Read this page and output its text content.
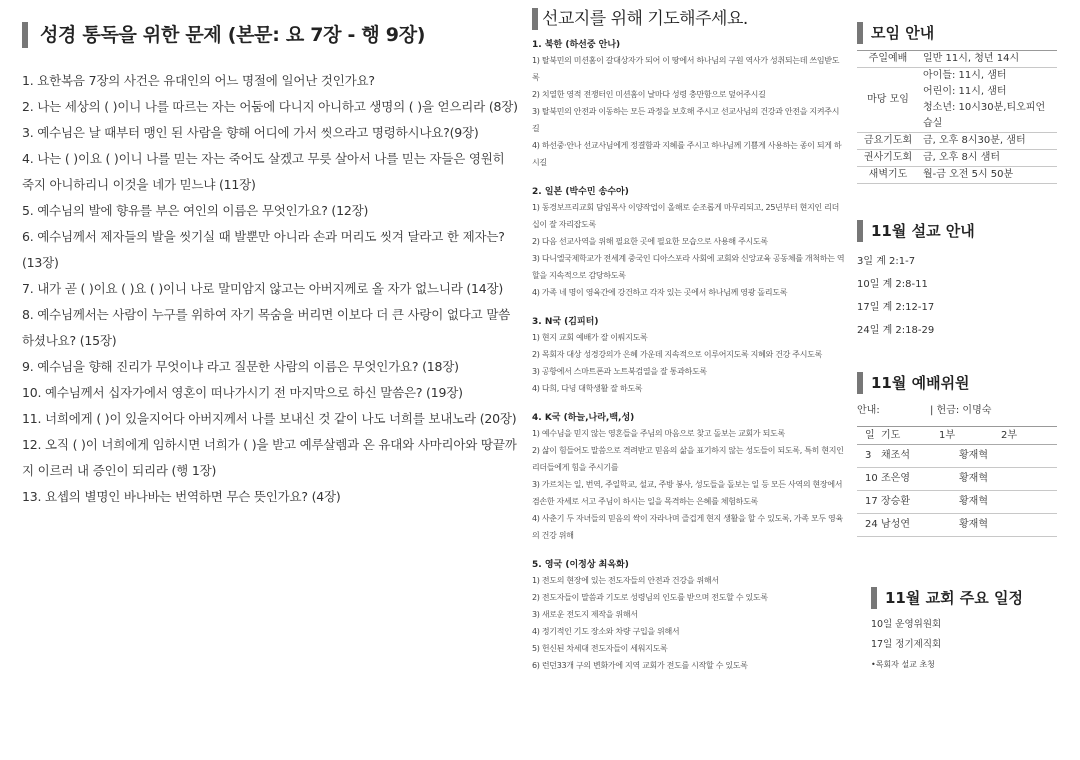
성경 통독을 위한 문제 (본문: 요 7장 - 행 9장)
1. 요한복음 7장의 사건은 유대인의 어느 명절에 일어난 것인가요?
2. 나는 세상의 ( )이니 나를 따르는 자는 어둠에 다니지 아니하고 생명의 ( )을 얻으리라 (8장)
3. 예수님은 날 때부터 맹인 된 사람을 향해 어디에 가서 씻으라고 명령하시나요?(9장)
4. 나는 ( )이요 ( )이니 나를 믿는 자는 죽어도 살겠고 무릇 살아서 나를 믿는 자들은 영원히 죽지 아니하리니 이것을 네가 믿느냐 (11장)
5. 예수님의 발에 향유를 부은 여인의 이름은 무엇인가요? (12장)
6. 예수님께서 제자들의 발을 씻기실 때 발뿐만 아니라 손과 머리도 씻겨 달라고 한 제자는? (13장)
7. 내가 곧 ( )이요 ( )요 ( )이니 나로 말미암지 않고는 아버지께로 올 자가 없느니라 (14장)
8. 예수님께서는 사람이 누구를 위하여 자기 목숨을 버리면 이보다 더 큰 사랑이 없다고 말씀하셨나요? (15장)
9. 예수님을 향해 진리가 무엇이냐 라고 질문한 사람의 이름은 무엇인가요? (18장)
10. 예수님께서 십자가에서 영혼이 떠나가시기 전 마지막으로 하신 말씀은? (19장)
11. 너희에게 ( )이 있을지어다 아버지께서 나를 보내신 것 같이 나도 너희를 보내노라 (20장)
12. 오직 ( )이 너희에게 임하시면 너희가 ( )을 받고 예루살렘과 온 유대와 사마리아와 땅끝까지 이르러 내 증인이 되리라 (행 1장)
13. 요셉의 별명인 바나바는 번역하면 무슨 뜻인가요? (4장)
선교지를 위해 기도해주세요.
1. 북한 (하선중 안나)
1) 탈북민의 미션홈이 갈대상자가 되어 이 땅에서 하나님의 구원 역사가 성취되는데 쓰임받도록
2) 치열한 영적 전쟁터인 미션홈이 날마다 성령 충만함으로 덮어주시길
3) 탈북민의 안전과 이동하는 모든 과정을 보호해 주시고 선교사님의 건강과 안전을 지켜주시길
4) 하선중·안나 선교사님에게 정결함과 지혜를 주시고 하나님께 기쁨게 사용하는 종이 되게 하시길
2. 일본 (박수민 송수아)
1) 동경보프리교회 담임목사 이양작업이 올해로 순조롭게 마무리되고, 25년부터 현지인 리더십이 잘 자리잡도록
2) 다음 선교사역을 위해 필요한 곳에 필요한 모습으로 사용해 주시도록
3) 다니엘국제학교가 전세계 중국인 디아스포라 사회에 교회와 신앙교육 공동체를 개척하는 역할을 지속적으로 감당하도록
4) 가족 네 명이 영육간에 강건하고 각자 있는 곳에서 하나님께 영광 돌리도록
3. N국 (김피터)
1) 현지 교회 예배가 잘 이뤄지도록
2) 목회자 대상 성경강의가 은혜 가운데 지속적으로 이루어지도록 지혜와 건강 주시도록
3) 공항에서 스마트폰과 노트북검열을 잘 통과하도록
4) 다희, 다녕 대학생활 잘 하도록
4. K국 (하늘,나라,백,성)
1) 예수님을 믿지 않는 영혼들을 주님의 마음으로 찾고 돌보는 교회가 되도록
2) 삶이 힘들어도 말씀으로 격려받고 믿음의 삶을 표기하지 않는 성도들이 되도록, 특히 현지인 리더들에게 힘을 주시기를
3) 가르치는 일, 번역, 주일학교, 설교, 주방 봉사, 성도들을 돌보는 일 등 모든 사역의 현장에서 겸손한 자세로 서고 주님이 하시는 일을 목격하는 은혜를 체험하도록
4) 사춘기 두 자녀들의 믿음의 싹이 자라나며 즐겁게 현지 생활을 할 수 있도록, 가족 모두 영육의 건강 위해
5. 영국 (이정상 최옥화)
1) 전도의 현장에 있는 전도자들의 안전과 건강을 위해서
2) 전도자들이 말씀과 기도로 성령님의 인도를 받으며 전도할 수 있도록
3) 새로운 전도지 제작을 위해서
4) 정기적인 기도 장소와 차량 구입을 위해서
5) 헌신된 차세대 전도자들이 세워지도록
6) 런던33개 구의 변화가에 지역 교회가 전도를 시작할 수 있도록
모임 안내
주일예배	일반 11시, 청년 14시

마당 모임	아이들: 11시, 샘터
어린이: 11시, 샘터
청소년: 10시30분,티오피언
습실

금요기도회	금, 오후 8시30분, 샘터

권사기도회	금, 오후 8시 샘터

새벽기도	월-금 오전 5시 50분
11월 설교 안내
3일 계 2:1-7
10일 계 2:8-11
17일 계 2:12-17
24일 계 2:18-29
11월 예배위원
안내:	| 헌금: 이명숙
일	기도	1부	2부
3	채조석	황재혁	
10	조은영	황재혁	
17	장승환	황재혁	
24	남성연	황재혁	
11월 교회 주요 일정
10일 운영위원회
17일 정기제직회
•목회자 설교 초청
